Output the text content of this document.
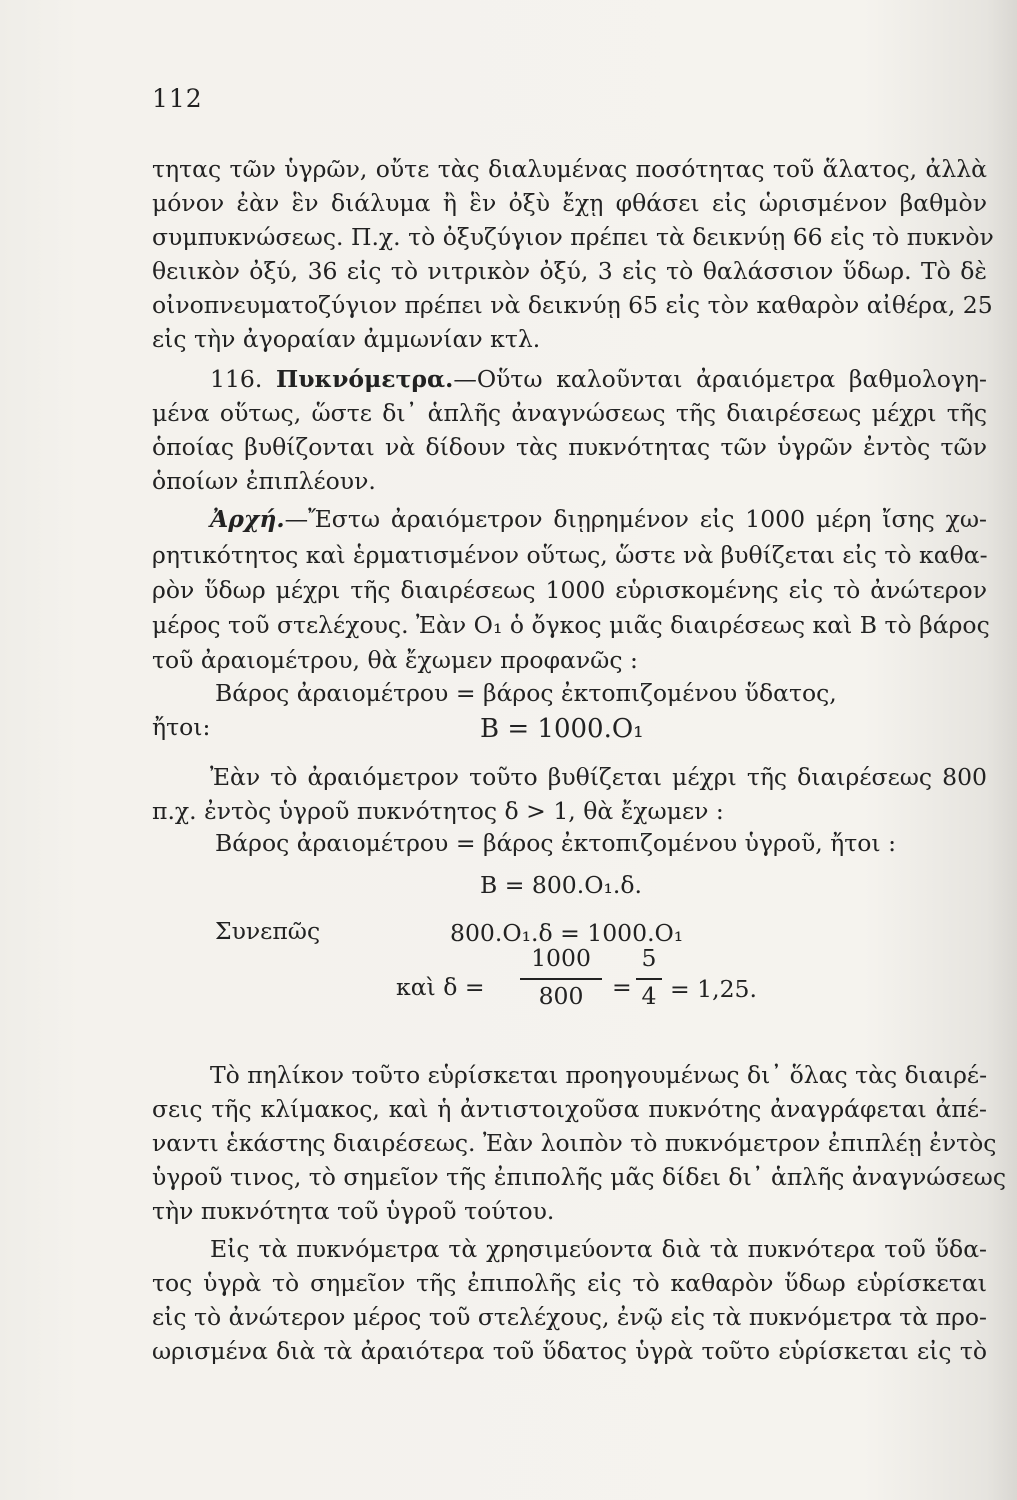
112
τητας τῶν ὑγρῶν, οὔτε τὰς διαλυμένας ποσότητας τοῦ ἅλατος, ἀλλὰ
μόνον ἐὰν ἓν διάλυμα ἢ ἓν ὀξὺ ἔχῃ φθάσει εἰς ὡρισμένον βαθμὸν
συμπυκνώσεως. Π.χ. τὸ ὀξυζύγιον πρέπει τὰ δεικνύῃ 66 εἰς τὸ πυκνὸν
θειικὸν ὀξύ, 36 εἰς τὸ νιτρικὸν ὀξύ, 3 εἰς τὸ θαλάσσιον ὕδωρ. Τὸ δὲ
οἰνοπνευματοζύγιον πρέπει νὰ δεικνύῃ 65 εἰς τὸν καθαρὸν αἰθέρα, 25
εἰς τὴν ἀγοραίαν ἀμμωνίαν κτλ.
116. Πυκνόμετρα.—Οὕτω καλοῦνται ἀραιόμετρα βαθμολογη-
μένα οὕτως, ὥστε δι᾿ ἁπλῆς ἀναγνώσεως τῆς διαιρέσεως μέχρι τῆς
ὁποίας βυθίζονται νὰ δίδουν τὰς πυκνότητας τῶν ὑγρῶν ἐντὸς τῶν
ὁποίων ἐπιπλέουν.
Ἀρχή.—Ἔστω ἀραιόμετρον διῃρημένον εἰς 1000 μέρη ἴσης χω-
ρητικότητος καὶ ἑρματισμένον οὕτως, ὥστε νὰ βυθίζεται εἰς τὸ καθα-
ρὸν ὕδωρ μέχρι τῆς διαιρέσεως 1000 εὑρισκομένης εἰς τὸ ἀνώτερον
μέρος τοῦ στελέχους. Ἐὰν Ο₁ ὁ ὄγκος μιᾶς διαιρέσεως καὶ Β τὸ βάρος
τοῦ ἀραιομέτρου, θὰ ἔχωμεν προφανῶς :
Βάρος ἀραιομέτρου = βάρος ἐκτοπιζομένου ὕδατος,
ἤτοι:	Β = 1000.Ο₁
Ἐὰν τὸ ἀραιόμετρον τοῦτο βυθίζεται μέχρι τῆς διαιρέσεως 800
π.χ. ἐντὸς ὑγροῦ πυκνότητος δ > 1, θὰ ἔχωμεν :
Βάρος ἀραιομέτρου = βάρος ἐκτοπιζομένου ὑγροῦ, ἤτοι :
Β = 800.Ο₁.δ.
Συνεπῶς	800.Ο₁.δ = 1000.Ο₁
καὶ δ =
1000
800	=
5
4 = 1,25.
Τὸ πηλίκον τοῦτο εὑρίσκεται προηγουμένως δι᾿ ὅλας τὰς διαιρέ-
σεις τῆς κλίμακος, καὶ ἡ ἀντιστοιχοῦσα πυκνότης ἀναγράφεται ἀπέ-
ναντι ἑκάστης διαιρέσεως. Ἐὰν λοιπὸν τὸ πυκνόμετρον ἐπιπλέῃ ἐντὸς
ὑγροῦ τινος, τὸ σημεῖον τῆς ἐπιπολῆς μᾶς δίδει δι᾿ ἁπλῆς ἀναγνώσεως
τὴν πυκνότητα τοῦ ὑγροῦ τούτου.
Εἰς τὰ πυκνόμετρα τὰ χρησιμεύοντα διὰ τὰ πυκνότερα τοῦ ὕδα-
τος ὑγρὰ τὸ σημεῖον τῆς ἐπιπολῆς εἰς τὸ καθαρὸν ὕδωρ εὑρίσκεται
εἰς τὸ ἀνώτερον μέρος τοῦ στελέχους, ἐνῷ εἰς τὰ πυκνόμετρα τὰ προ-
ωρισμένα διὰ τὰ ἀραιότερα τοῦ ὕδατος ὑγρὰ τοῦτο εὑρίσκεται εἰς τὸ
